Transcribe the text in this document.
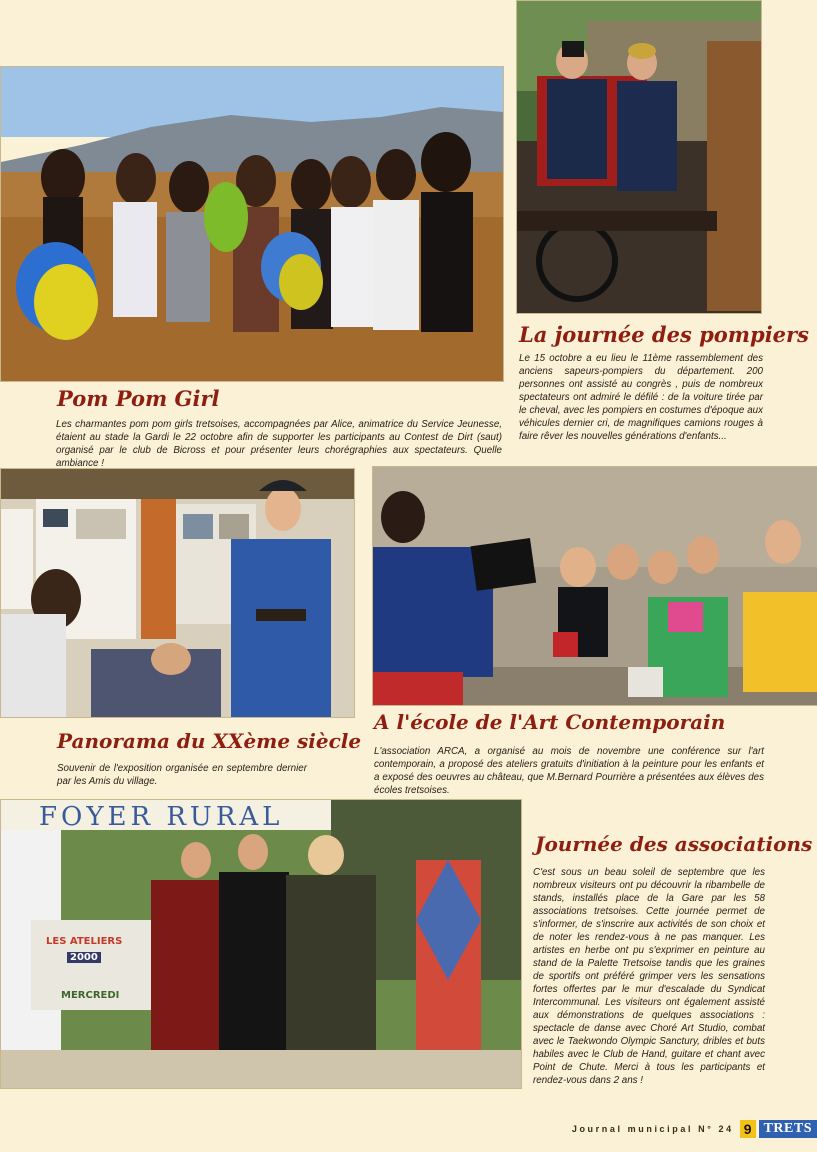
Pom Pom Girl

Les charmantes pom pom girls tretsoises, accompagnées par Alice, animatrice du Service Jeunesse, étaient au stade la Gardi le 22 octobre afin de supporter les participants au Contest de Dirt (saut) organisé par le club de Bicross et pour présenter leurs chorégraphies aux spectateurs. Quelle ambiance !

La journée des pompiers

Le 15 octobre a eu lieu le 11ème rassemblement des anciens sapeurs-pompiers du département. 200 personnes ont assisté au congrès , puis de nombreux spectateurs ont admiré le défilé : de la voiture tirée par le cheval, avec les pompiers en costumes d'époque aux véhicules dernier cri, de magnifiques camions rouges à faire rêver les nouvelles générations d'enfants...

Panorama du XXème siècle

Souvenir de l'exposition organisée en septembre dernier par les Amis du village.

A l'école de l'Art Contemporain

L'association ARCA, a organisé au mois de novembre une conférence sur l'art contemporain, a proposé des ateliers gratuits d'initiation à la peinture pour les enfants et a exposé des oeuvres au château, que M.Bernard Pourrière a présentées aux élèves des écoles tretsoises.

FOYER RURAL
LES ATELIERS
2000
MERCREDI
Journée des associations

C'est sous un beau soleil de septembre que les nombreux visiteurs ont pu découvrir la ribambelle de stands, installés place de la Gare par les 58 associations tretsoises. Cette journée permet de s'informer, de s'inscrire aux activités de son choix et de noter les rendez-vous à ne pas manquer. Les artistes en herbe ont pu s'exprimer en peinture au stand de la Palette Tretsoise tandis que les graines de sportifs ont préféré grimper vers les sensations fortes offertes par le mur d'escalade du Syndicat Intercommunal. Les visiteurs ont également assisté aux démonstrations de quelques associations : spectacle de danse avec Choré Art Studio, combat avec le Taekwondo Olympic Sanctury, dribles et buts habiles avec le Club de Hand, guitare et chant avec Point de Chute. Merci à tous les participants et rendez-vous dans 2 ans !

Journal municipal N° 24 9 TRETS
